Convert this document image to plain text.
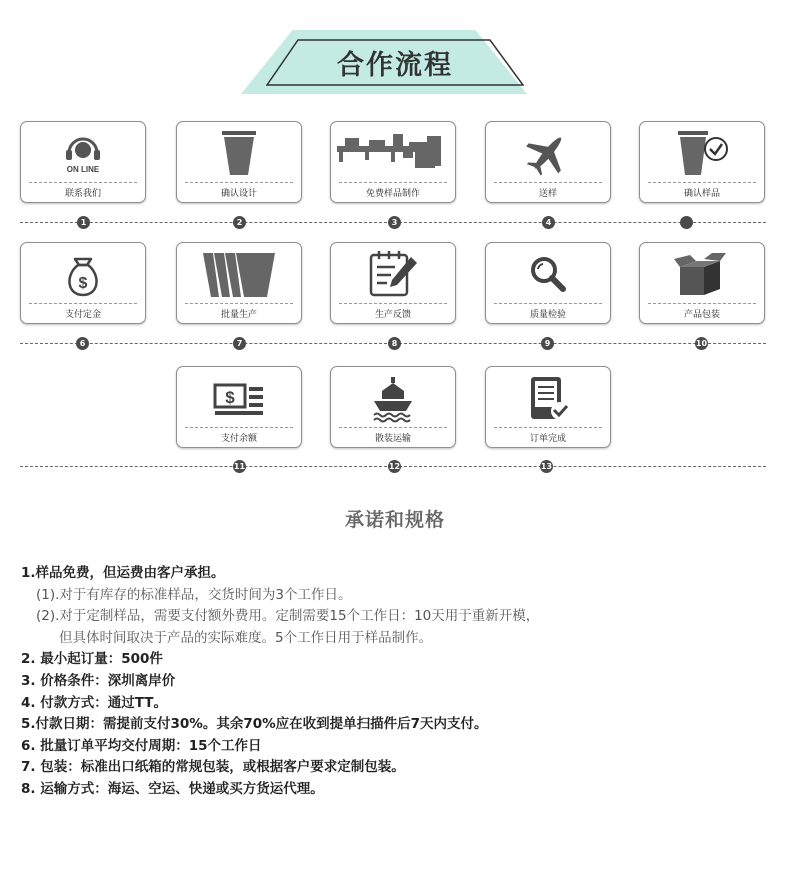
合作流程
ON LINE
联系我们	确认设计	免费样品制作	送样	确认样品
1	2	3	4
$
支付定金	批量生产	生产反馈	质量检验	产品包装
6	7	8	9	10
$
支付余额	散装运输	订单完成
11	12	13
承诺和规格
1.样品免费，但运费由客户承担。
(1).对于有库存的标准样品，交货时间为3个工作日。
(2).对于定制样品，需要支付额外费用。定制需要15个工作日：10天用于重新开模，
但具体时间取决于产品的实际难度。5个工作日用于样品制作。
2. 最小起订量：500件
3. 价格条件：深圳离岸价
4. 付款方式：通过TT。
5.付款日期：需提前支付30%。其余70%应在收到提单扫描件后7天内支付。
6. 批量订单平均交付周期：15个工作日
7. 包装：标准出口纸箱的常规包装，或根据客户要求定制包装。
8. 运输方式：海运、空运、快递或买方货运代理。
